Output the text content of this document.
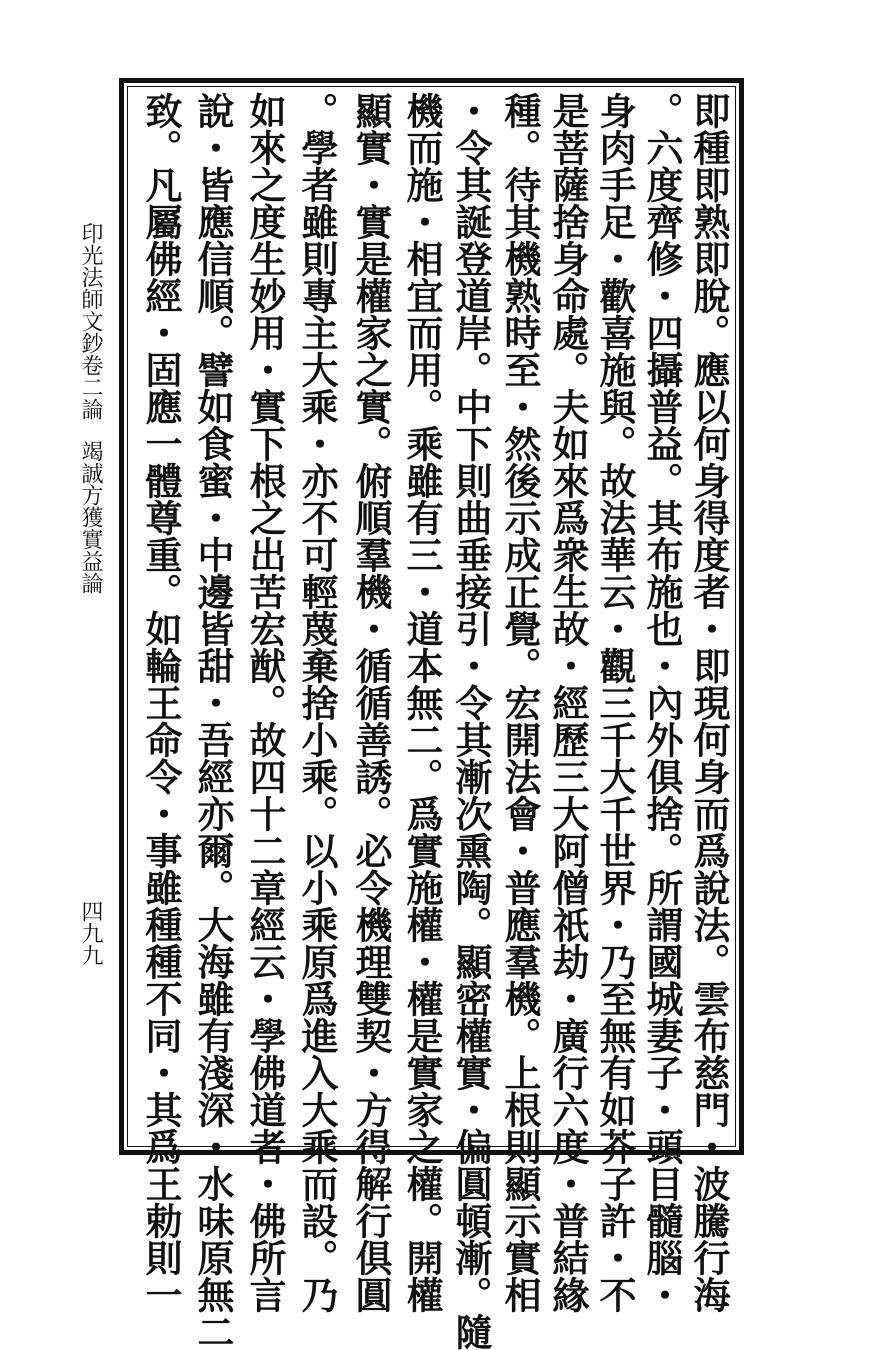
即種即熟即脫。應以何身得度者・即現何身而爲說法。雲布慈門・波騰行海
。六度齊修・四攝普益。其布施也・內外俱捨。所謂國城妻子・頭目髓腦・
身肉手足・歡喜施與。故法華云・觀三千大千世界・乃至無有如芥子許・不
是菩薩捨身命處。夫如來爲衆生故・經歷三大阿僧祇劫・廣行六度・普結緣
種。待其機熟時至・然後示成正覺。宏開法會・普應羣機。上根則顯示實相
・令其誕登道岸。中下則曲垂接引・令其漸次熏陶。顯密權實・偏圓頓漸。隨
機而施・相宜而用。乘雖有三・道本無二。爲實施權・權是實家之權。開權
顯實・實是權家之實。俯順羣機・循循善誘。必令機理雙契・方得解行俱圓
。學者雖則專主大乘・亦不可輕蔑棄捨小乘。以小乘原爲進入大乘而設。乃
如來之度生妙用・實下根之出苦宏猷。故四十二章經云・學佛道者・佛所言
說・皆應信順。譬如食蜜・中邊皆甜・吾經亦爾。大海雖有淺深・水味原無二
致。凡屬佛經・固應一體尊重。如輪王命令・事雖種種不同・其爲王勅則一
印光法師文鈔卷二
論
竭誠方獲實益論
四九九
